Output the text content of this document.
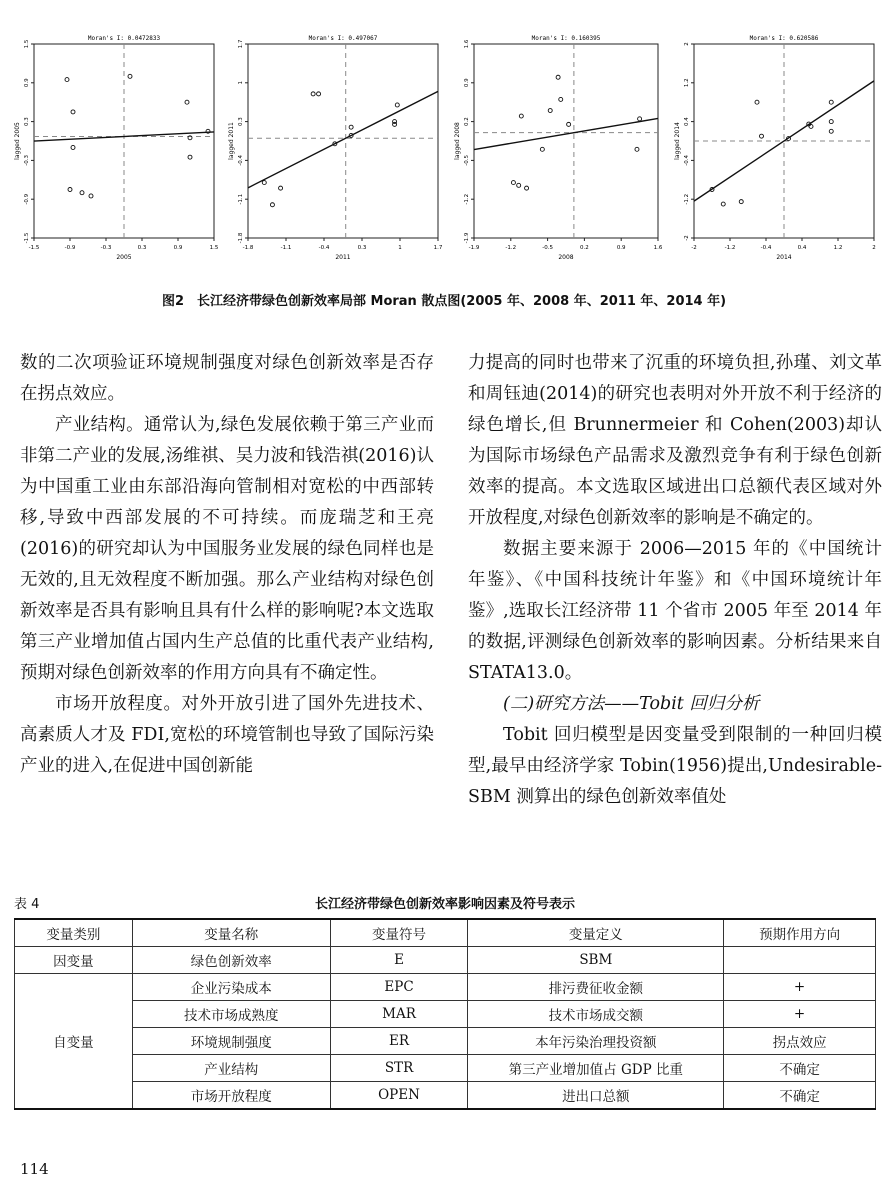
-1.5	-0.9	-0.3	0.3	0.9	1.5
1.5
0.9
0.3
-0.3
-0.9
-1.5
Moran's I: 0.0472833
2005
lagged 2005
-1.8	-1.1	-0.4	0.3	1	1.7
1.7
1
0.3
-0.4
-1.1
-1.8
Moran's I: 0.497067
2011
lagged 2011
-1.9	-1.2	-0.5	0.2	0.9	1.6
1.6
0.9
0.2
-0.5
-1.2
-1.9
Moran's I: 0.160395
2008
lagged 2008
-2	-1.2	-0.4	0.4	1.2	2
2
1.2
0.4
-0.4
-1.2
-2
Moran's I: 0.620586
2014
lagged 2014
图2　长江经济带绿色创新效率局部 Moran 散点图(2005 年、2008 年、2011 年、2014 年)

数的二次项验证环境规制强度对绿色创新效率是否存在拐点效应。

产业结构。通常认为,绿色发展依赖于第三产业而非第二产业的发展,汤维祺、吴力波和钱浩祺(2016)认为中国重工业由东部沿海向管制相对宽松的中西部转移,导致中西部发展的不可持续。而庞瑞芝和王亮(2016)的研究却认为中国服务业发展的绿色同样也是无效的,且无效程度不断加强。那么产业结构对绿色创新效率是否具有影响且具有什么样的影响呢?本文选取第三产业增加值占国内生产总值的比重代表产业结构,预期对绿色创新效率的作用方向具有不确定性。

市场开放程度。对外开放引进了国外先进技术、高素质人才及 FDI,宽松的环境管制也导致了国际污染产业的进入,在促进中国创新能

力提高的同时也带来了沉重的环境负担,孙瑾、刘文革和周钰迪(2014)的研究也表明对外开放不利于经济的绿色增长,但 Brunnermeier 和 Cohen(2003)却认为国际市场绿色产品需求及激烈竞争有利于绿色创新效率的提高。本文选取区域进出口总额代表区域对外开放程度,对绿色创新效率的影响是不确定的。

数据主要来源于 2006—2015 年的《中国统计年鉴》、《中国科技统计年鉴》和《中国环境统计年鉴》,选取长江经济带 11 个省市 2005 年至 2014 年的数据,评测绿色创新效率的影响因素。分析结果来自 STATA13.0。

(二)研究方法——Tobit 回归分析

Tobit 回归模型是因变量受到限制的一种回归模型,最早由经济学家 Tobin(1956)提出,Undesirable-SBM 测算出的绿色创新效率值处

表 4	长江经济带绿色创新效率影响因素及符号表示
变量类别	变量名称	变量符号	变量定义	预期作用方向
因变量	绿色创新效率	E	SBM	
自变量	企业污染成本	EPC	排污费征收金额	+
	技术市场成熟度	MAR	技术市场成交额	+
	环境规制强度	ER	本年污染治理投资额	拐点效应
	产业结构	STR	第三产业增加值占 GDP 比重	不确定
	市场开放程度	OPEN	进出口总额	不确定
114
